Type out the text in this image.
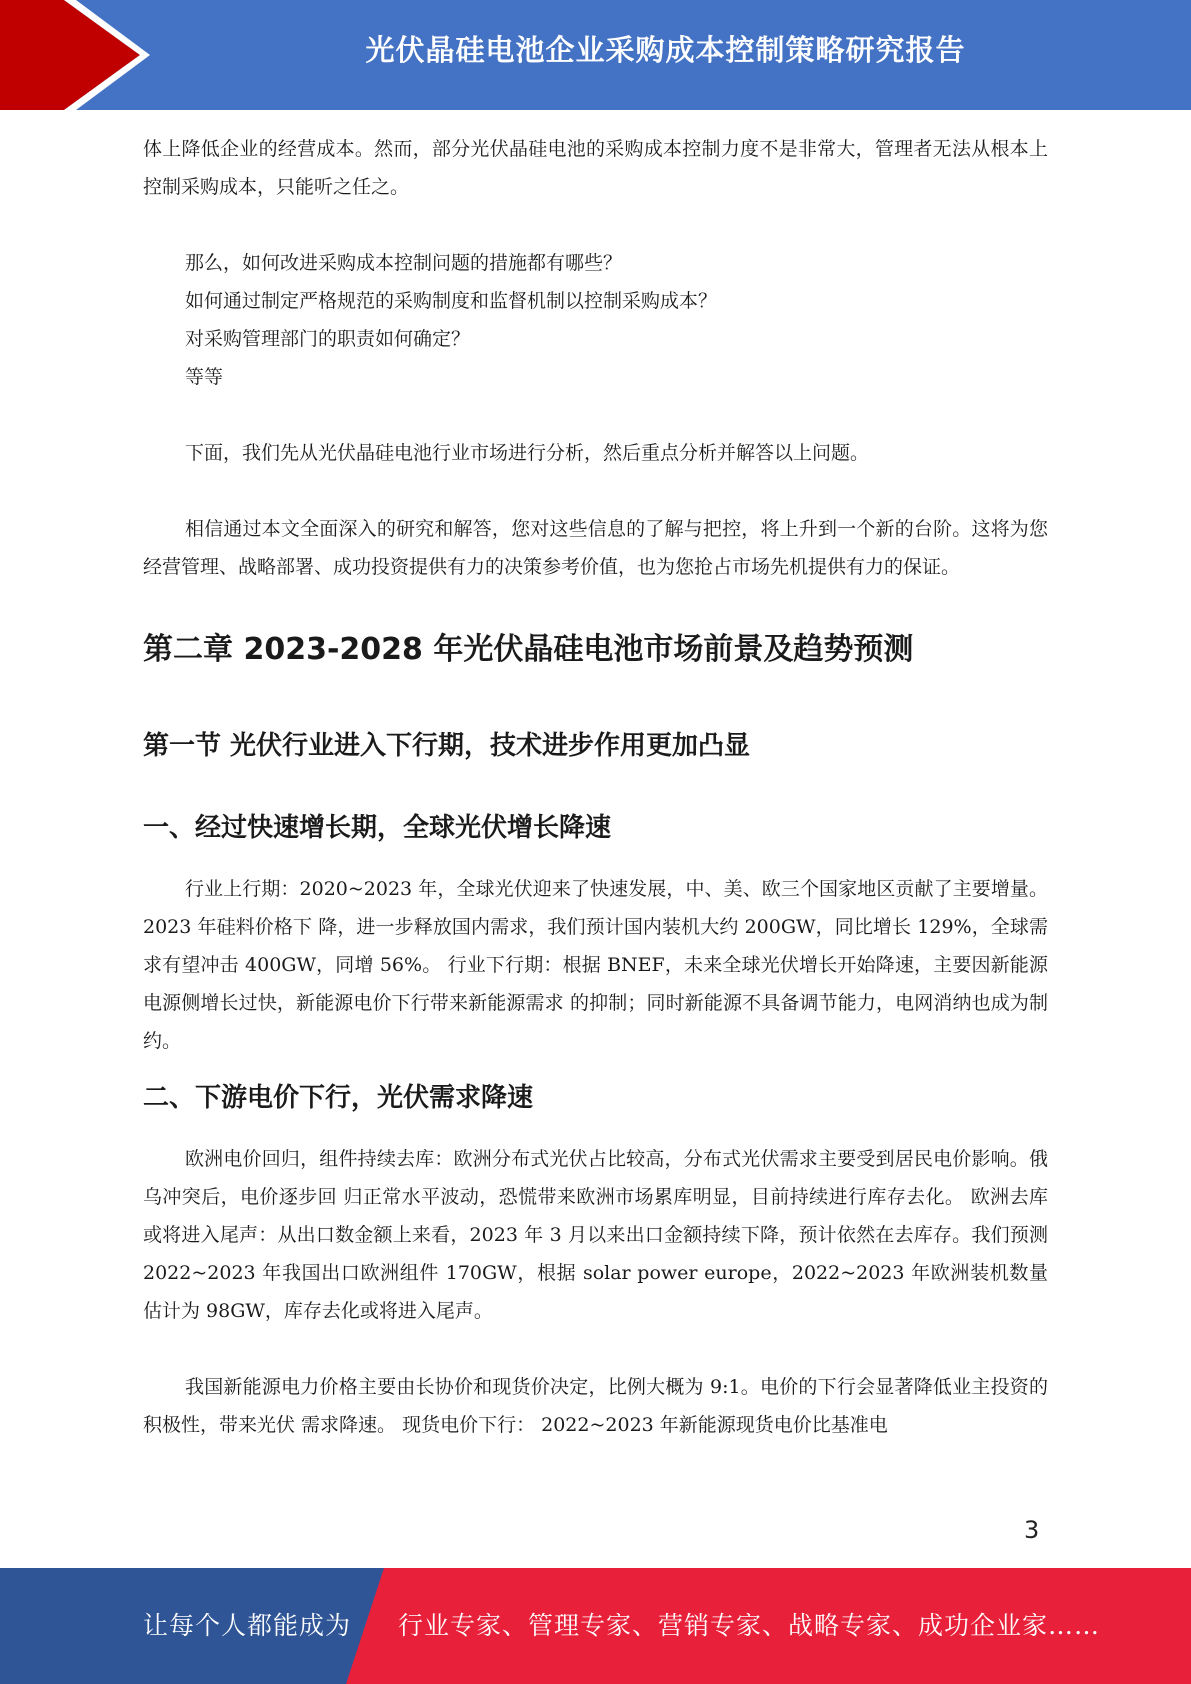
光伏晶硅电池企业采购成本控制策略研究报告

体上降低企业的经营成本。然而，部分光伏晶硅电池的采购成本控制力度不是非常大，管理者无法从根本上控制采购成本，只能听之任之。

那么，如何改进采购成本控制问题的措施都有哪些？

如何通过制定严格规范的采购制度和监督机制以控制采购成本？

对采购管理部门的职责如何确定？

等等

下面，我们先从光伏晶硅电池行业市场进行分析，然后重点分析并解答以上问题。

相信通过本文全面深入的研究和解答，您对这些信息的了解与把控，将上升到一个新的台阶。这将为您经营管理、战略部署、成功投资提供有力的决策参考价值，也为您抢占市场先机提供有力的保证。

第二章 2023-2028 年光伏晶硅电池市场前景及趋势预测
第一节 光伏行业进入下行期，技术进步作用更加凸显
一、经过快速增长期，全球光伏增长降速

行业上行期：2020~2023 年，全球光伏迎来了快速发展，中、美、欧三个国家地区贡献了主要增量。2023 年硅料价格下 降，进一步释放国内需求，我们预计国内装机大约 200GW，同比增长 129%，全球需求有望冲击 400GW，同增 56%。 行业下行期：根据 BNEF，未来全球光伏增长开始降速，主要因新能源电源侧增长过快，新能源电价下行带来新能源需求 的抑制；同时新能源不具备调节能力，电网消纳也成为制约。

二、下游电价下行，光伏需求降速

欧洲电价回归，组件持续去库：欧洲分布式光伏占比较高，分布式光伏需求主要受到居民电价影响。俄乌冲突后，电价逐步回 归正常水平波动，恐慌带来欧洲市场累库明显，目前持续进行库存去化。 欧洲去库或将进入尾声：从出口数金额上来看，2023 年 3 月以来出口金额持续下降，预计依然在去库存。我们预测 2022~2023 年我国出口欧洲组件 170GW，根据 solar power europe，2022~2023 年欧洲装机数量估计为 98GW，库存去化或将进入尾声。

我国新能源电力价格主要由长协价和现货价决定，比例大概为 9:1。电价的下行会显著降低业主投资的积极性，带来光伏 需求降速。 现货电价下行： 2022~2023 年新能源现货电价比基准电

3
让每个人都能成为 行业专家、管理专家、营销专家、战略专家、成功企业家……
